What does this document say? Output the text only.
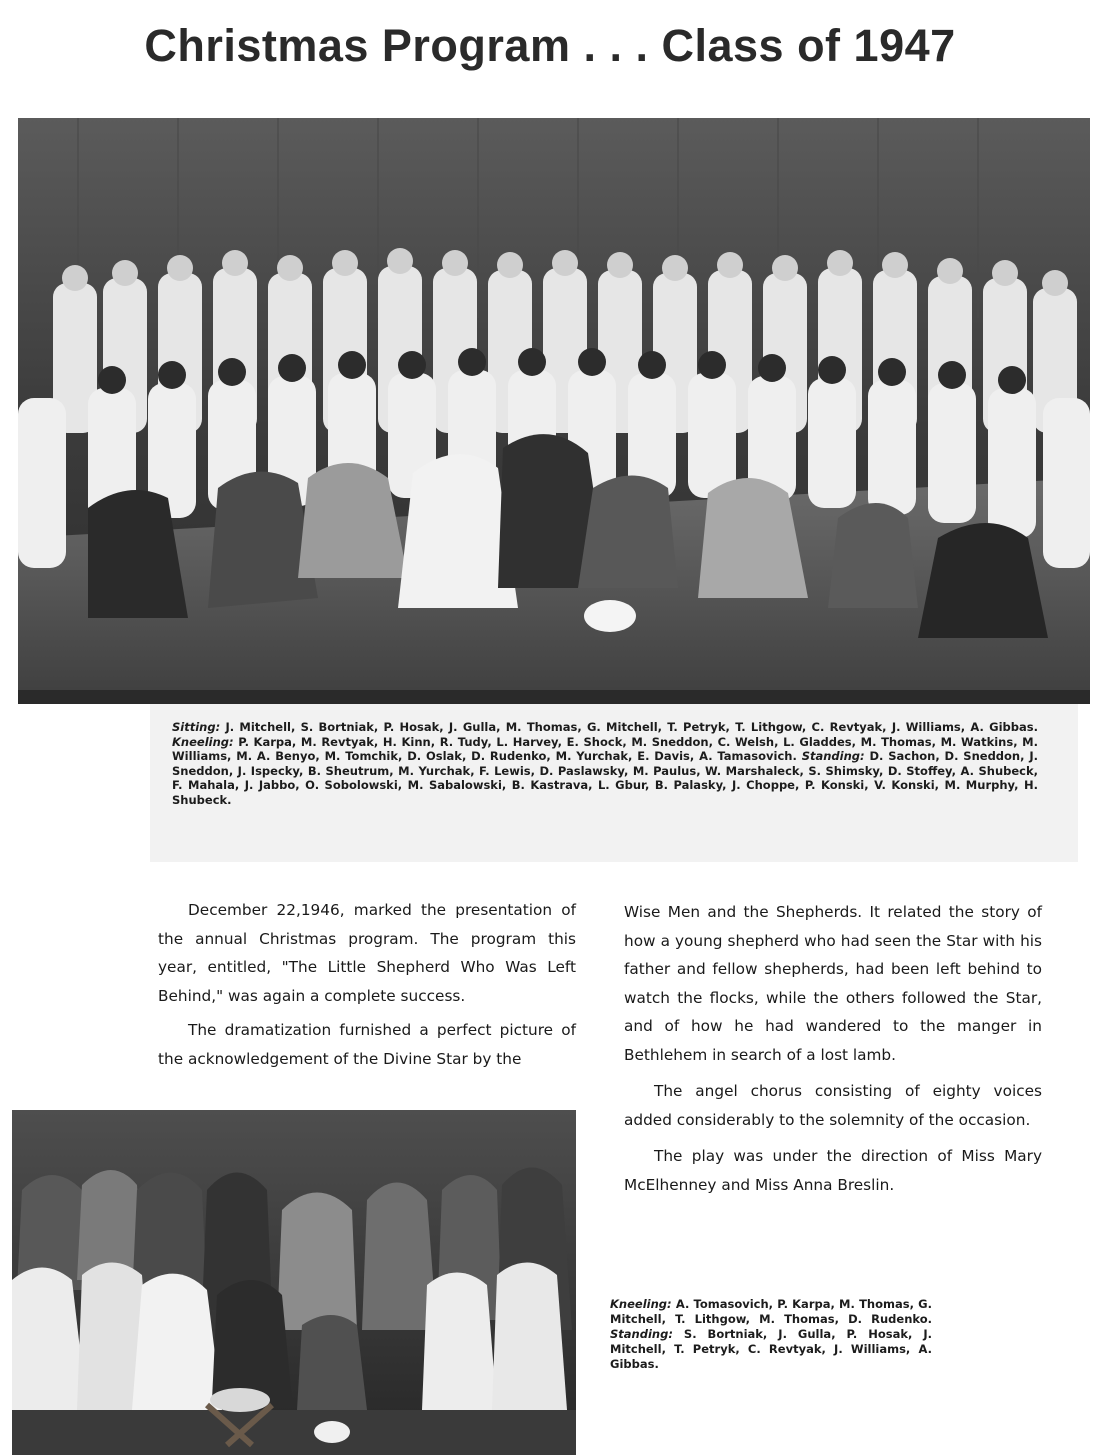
Christmas Program . . . Class of 1947
Sitting: J. Mitchell, S. Bortniak, P. Hosak, J. Gulla, M. Thomas, G. Mitchell, T. Petryk, T. Lithgow, C. Revtyak, J. Williams, A. Gibbas. Kneeling: P. Karpa, M. Revtyak, H. Kinn, R. Tudy, L. Harvey, E. Shock, M. Sneddon, C. Welsh, L. Gladdes, M. Thomas, M. Watkins, M. Williams, M. A. Benyo, M. Tomchik, D. Oslak, D. Rudenko, M. Yurchak, E. Davis, A. Tamasovich. Standing: D. Sachon, D. Sneddon, J. Sneddon, J. Ispecky, B. Sheutrum, M. Yurchak, F. Lewis, D. Paslawsky, M. Paulus, W. Marshaleck, S. Shimsky, D. Stoffey, A. Shubeck, F. Mahala, J. Jabbo, O. Sobolowski, M. Sabalowski, B. Kastrava, L. Gbur, B. Palasky, J. Choppe, P. Konski, V. Konski, M. Murphy, H. Shubeck.

December 22,1946, marked the presentation of the annual Christmas program. The program this year, entitled, "The Little Shepherd Who Was Left Behind," was again a complete success.

The dramatization furnished a perfect picture of the acknowledgement of the Divine Star by the

Wise Men and the Shepherds. It related the story of how a young shepherd who had seen the Star with his father and fellow shepherds, had been left behind to watch the flocks, while the others followed the Star, and of how he had wandered to the manger in Bethlehem in search of a lost lamb.

The angel chorus consisting of eighty voices added considerably to the solemnity of the occasion.

The play was under the direction of Miss Mary McElhenney and Miss Anna Breslin.

Kneeling: A. Tomasovich, P. Karpa, M. Thomas, G. Mitchell, T. Lithgow, M. Thomas, D. Rudenko. Standing: S. Bortniak, J. Gulla, P. Hosak, J. Mitchell, T. Petryk, C. Revtyak, J. Williams, A. Gibbas.
